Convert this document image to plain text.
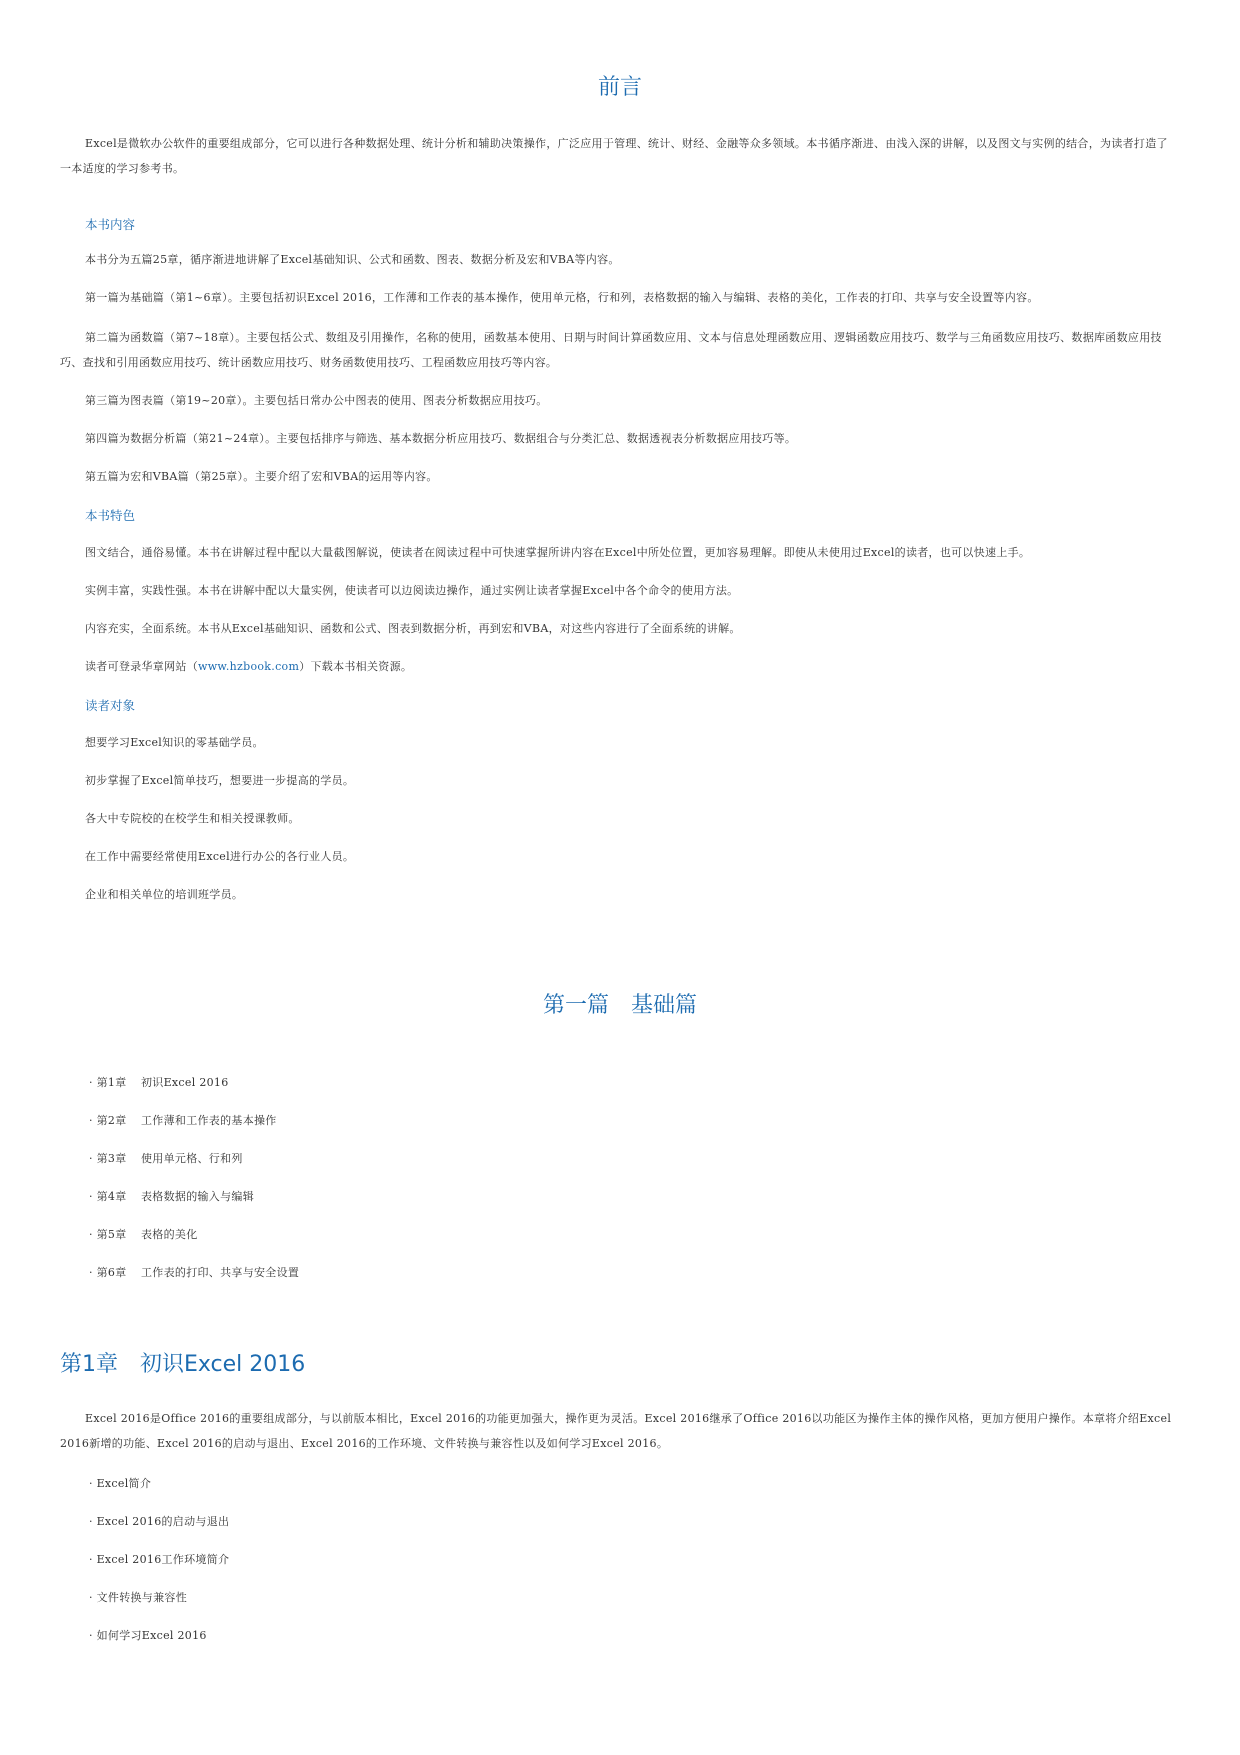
前言
Excel是微软办公软件的重要组成部分，它可以进行各种数据处理、统计分析和辅助决策操作，广泛应用于管理、统计、财经、金融等众多领域。本书循序渐进、由浅入深的讲解，以及图文与实例的结合，为读者打造了一本适度的学习参考书。
本书内容
本书分为五篇25章，循序渐进地讲解了Excel基础知识、公式和函数、图表、数据分析及宏和VBA等内容。
第一篇为基础篇（第1~6章）。主要包括初识Excel 2016，工作薄和工作表的基本操作，使用单元格，行和列，表格数据的输入与编辑、表格的美化，工作表的打印、共享与安全设置等内容。
第二篇为函数篇（第7~18章）。主要包括公式、数组及引用操作，名称的使用，函数基本使用、日期与时间计算函数应用、文本与信息处理函数应用、逻辑函数应用技巧、数学与三角函数应用技巧、数据库函数应用技巧、查找和引用函数应用技巧、统计函数应用技巧、财务函数使用技巧、工程函数应用技巧等内容。
第三篇为图表篇（第19~20章）。主要包括日常办公中图表的使用、图表分析数据应用技巧。
第四篇为数据分析篇（第21~24章）。主要包括排序与筛选、基本数据分析应用技巧、数据组合与分类汇总、数据透视表分析数据应用技巧等。
第五篇为宏和VBA篇（第25章）。主要介绍了宏和VBA的运用等内容。
本书特色
图文结合，通俗易懂。本书在讲解过程中配以大量截图解说，使读者在阅读过程中可快速掌握所讲内容在Excel中所处位置，更加容易理解。即使从未使用过Excel的读者，也可以快速上手。
实例丰富，实践性强。本书在讲解中配以大量实例，使读者可以边阅读边操作，通过实例让读者掌握Excel中各个命令的使用方法。
内容充实，全面系统。本书从Excel基础知识、函数和公式、图表到数据分析，再到宏和VBA，对这些内容进行了全面系统的讲解。
读者可登录华章网站（www.hzbook.com）下载本书相关资源。
读者对象
想要学习Excel知识的零基础学员。
初步掌握了Excel简单技巧，想要进一步提高的学员。
各大中专院校的在校学生和相关授课教师。
在工作中需要经常使用Excel进行办公的各行业人员。
企业和相关单位的培训班学员。
第一篇　基础篇
· 第1章 初识Excel 2016
· 第2章 工作薄和工作表的基本操作
· 第3章 使用单元格、行和列
· 第4章 表格数据的输入与编辑
· 第5章 表格的美化
· 第6章 工作表的打印、共享与安全设置
第1章　初识Excel 2016
Excel 2016是Office 2016的重要组成部分，与以前版本相比，Excel 2016的功能更加强大，操作更为灵活。Excel 2016继承了Office 2016以功能区为操作主体的操作风格，更加方便用户操作。本章将介绍Excel 2016新增的功能、Excel 2016的启动与退出、Excel 2016的工作环境、文件转换与兼容性以及如何学习Excel 2016。
· Excel简介
· Excel 2016的启动与退出
· Excel 2016工作环境简介
· 文件转换与兼容性
· 如何学习Excel 2016
